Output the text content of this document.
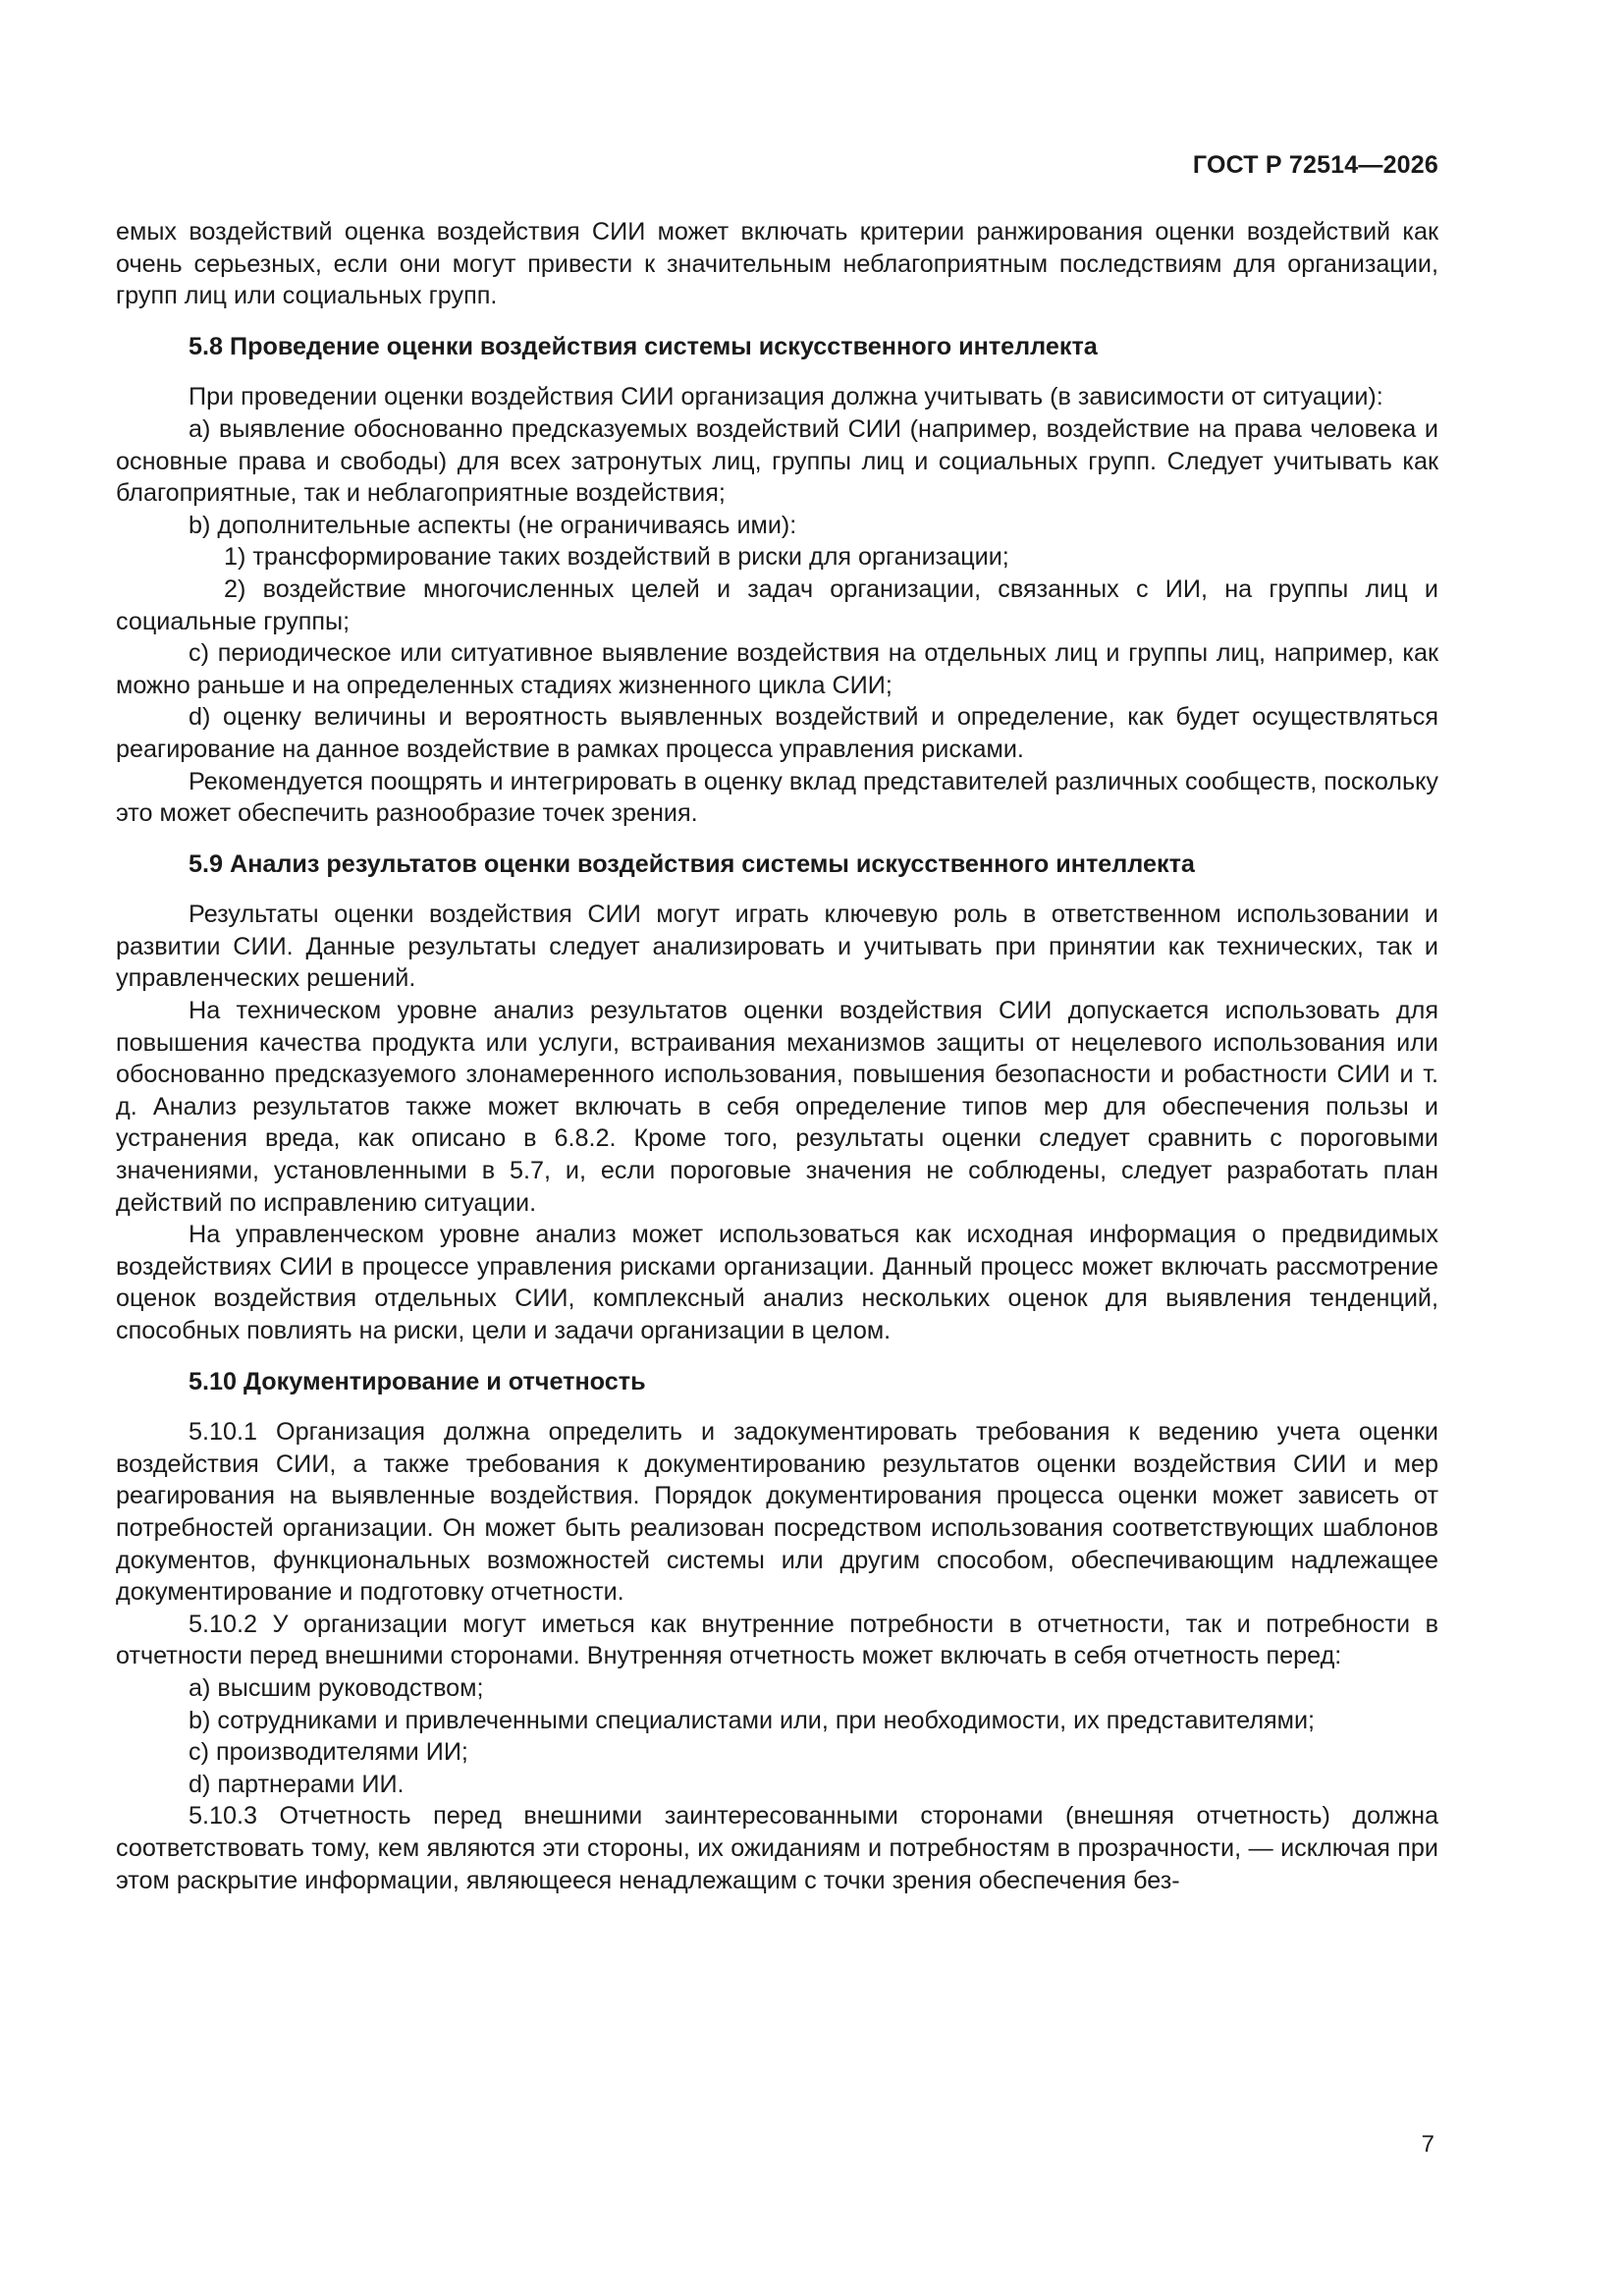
ГОСТ Р 72514—2026

емых воздействий оценка воздействия СИИ может включать критерии ранжирования оценки воздействий как очень серьезных, если они могут привести к значительным неблагоприятным последствиям для организации, групп лиц или социальных групп.

5.8 Проведение оценки воздействия системы искусственного интеллекта

При проведении оценки воздействия СИИ организация должна учитывать (в зависимости от ситуации):

a) выявление обоснованно предсказуемых воздействий СИИ (например, воздействие на права человека и основные права и свободы) для всех затронутых лиц, группы лиц и социальных групп. Следует учитывать как благоприятные, так и неблагоприятные воздействия;

b) дополнительные аспекты (не ограничиваясь ими):

1) трансформирование таких воздействий в риски для организации;

2) воздействие многочисленных целей и задач организации, связанных с ИИ, на группы лиц и социальные группы;

c) периодическое или ситуативное выявление воздействия на отдельных лиц и группы лиц, например, как можно раньше и на определенных стадиях жизненного цикла СИИ;

d) оценку величины и вероятность выявленных воздействий и определение, как будет осуществляться реагирование на данное воздействие в рамках процесса управления рисками.

Рекомендуется поощрять и интегрировать в оценку вклад представителей различных сообществ, поскольку это может обеспечить разнообразие точек зрения.

5.9 Анализ результатов оценки воздействия системы искусственного интеллекта

Результаты оценки воздействия СИИ могут играть ключевую роль в ответственном использовании и развитии СИИ. Данные результаты следует анализировать и учитывать при принятии как технических, так и управленческих решений.

На техническом уровне анализ результатов оценки воздействия СИИ допускается использовать для повышения качества продукта или услуги, встраивания механизмов защиты от нецелевого использования или обоснованно предсказуемого злонамеренного использования, повышения безопасности и робастности СИИ и т. д. Анализ результатов также может включать в себя определение типов мер для обеспечения пользы и устранения вреда, как описано в 6.8.2. Кроме того, результаты оценки следует сравнить с пороговыми значениями, установленными в 5.7, и, если пороговые значения не соблюдены, следует разработать план действий по исправлению ситуации.

На управленческом уровне анализ может использоваться как исходная информация о предвидимых воздействиях СИИ в процессе управления рисками организации. Данный процесс может включать рассмотрение оценок воздействия отдельных СИИ, комплексный анализ нескольких оценок для выявления тенденций, способных повлиять на риски, цели и задачи организации в целом.

5.10 Документирование и отчетность

5.10.1 Организация должна определить и задокументировать требования к ведению учета оценки воздействия СИИ, а также требования к документированию результатов оценки воздействия СИИ и мер реагирования на выявленные воздействия. Порядок документирования процесса оценки может зависеть от потребностей организации. Он может быть реализован посредством использования соответствующих шаблонов документов, функциональных возможностей системы или другим способом, обеспечивающим надлежащее документирование и подготовку отчетности.

5.10.2 У организации могут иметься как внутренние потребности в отчетности, так и потребности в отчетности перед внешними сторонами. Внутренняя отчетность может включать в себя отчетность перед:

a) высшим руководством;

b) сотрудниками и привлеченными специалистами или, при необходимости, их представителями;

c) производителями ИИ;

d) партнерами ИИ.

5.10.3 Отчетность перед внешними заинтересованными сторонами (внешняя отчетность) должна соответствовать тому, кем являются эти стороны, их ожиданиям и потребностям в прозрачности, — исключая при этом раскрытие информации, являющееся ненадлежащим с точки зрения обеспечения без-

7
